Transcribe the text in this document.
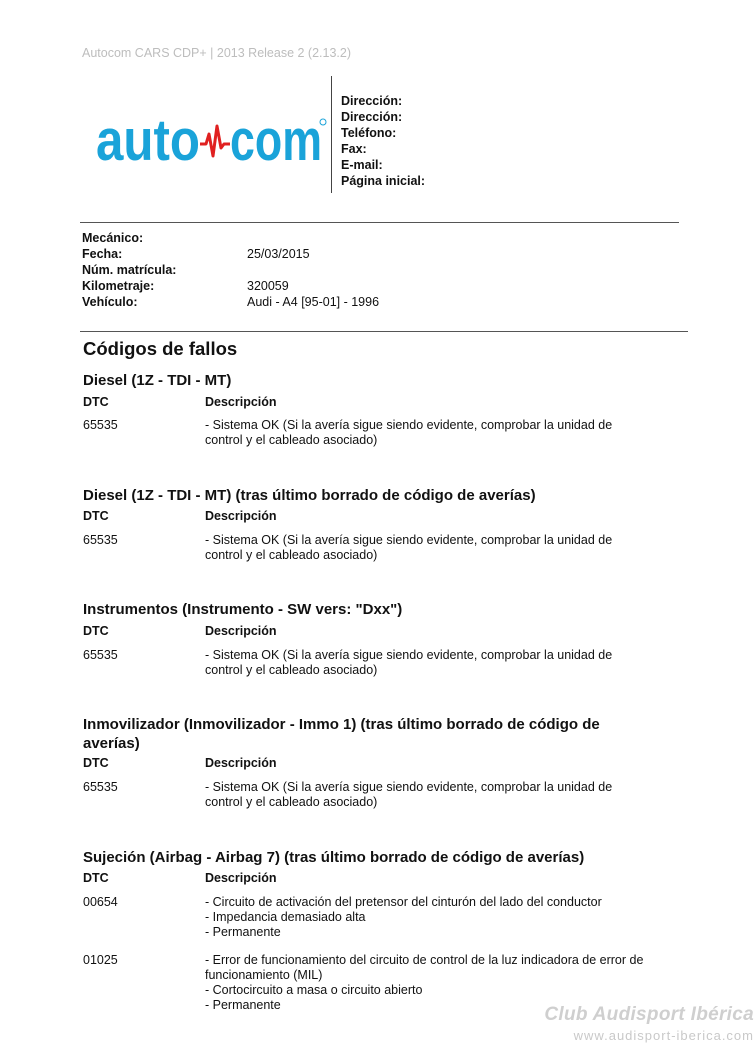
Autocom CARS CDP+ | 2013 Release 2 (2.13.2)
auto com
Dirección:
Dirección:
Teléfono:
Fax:
E-mail:
Página inicial:
Mecánico:
Fecha:	25/03/2015
Núm. matrícula:
Kilometraje:	320059
Vehículo:	Audi - A4 [95-01] - 1996
Códigos de fallos
Diesel (1Z - TDI - MT)
DTC	Descripción
65535	- Sistema OK (Si la avería sigue siendo evidente, comprobar la unidad de
control y el cableado asociado)
Diesel (1Z - TDI - MT) (tras último borrado de código de averías)
DTC	Descripción
65535	- Sistema OK (Si la avería sigue siendo evidente, comprobar la unidad de
control y el cableado asociado)
Instrumentos (Instrumento - SW vers: "Dxx")
DTC	Descripción
65535	- Sistema OK (Si la avería sigue siendo evidente, comprobar la unidad de
control y el cableado asociado)
Inmovilizador (Inmovilizador - Immo 1) (tras último borrado de código de averías)
DTC	Descripción
65535	- Sistema OK (Si la avería sigue siendo evidente, comprobar la unidad de
control y el cableado asociado)
Sujeción (Airbag - Airbag 7) (tras último borrado de código de averías)
DTC	Descripción
00654	- Circuito de activación del pretensor del cinturón del lado del conductor
- Impedancia demasiado alta
- Permanente
01025	- Error de funcionamiento del circuito de control de la luz indicadora de error de
funcionamiento (MIL)
- Cortocircuito a masa o circuito abierto
- Permanente	Club Audisport Ibérica
www.audisport-iberica.com
